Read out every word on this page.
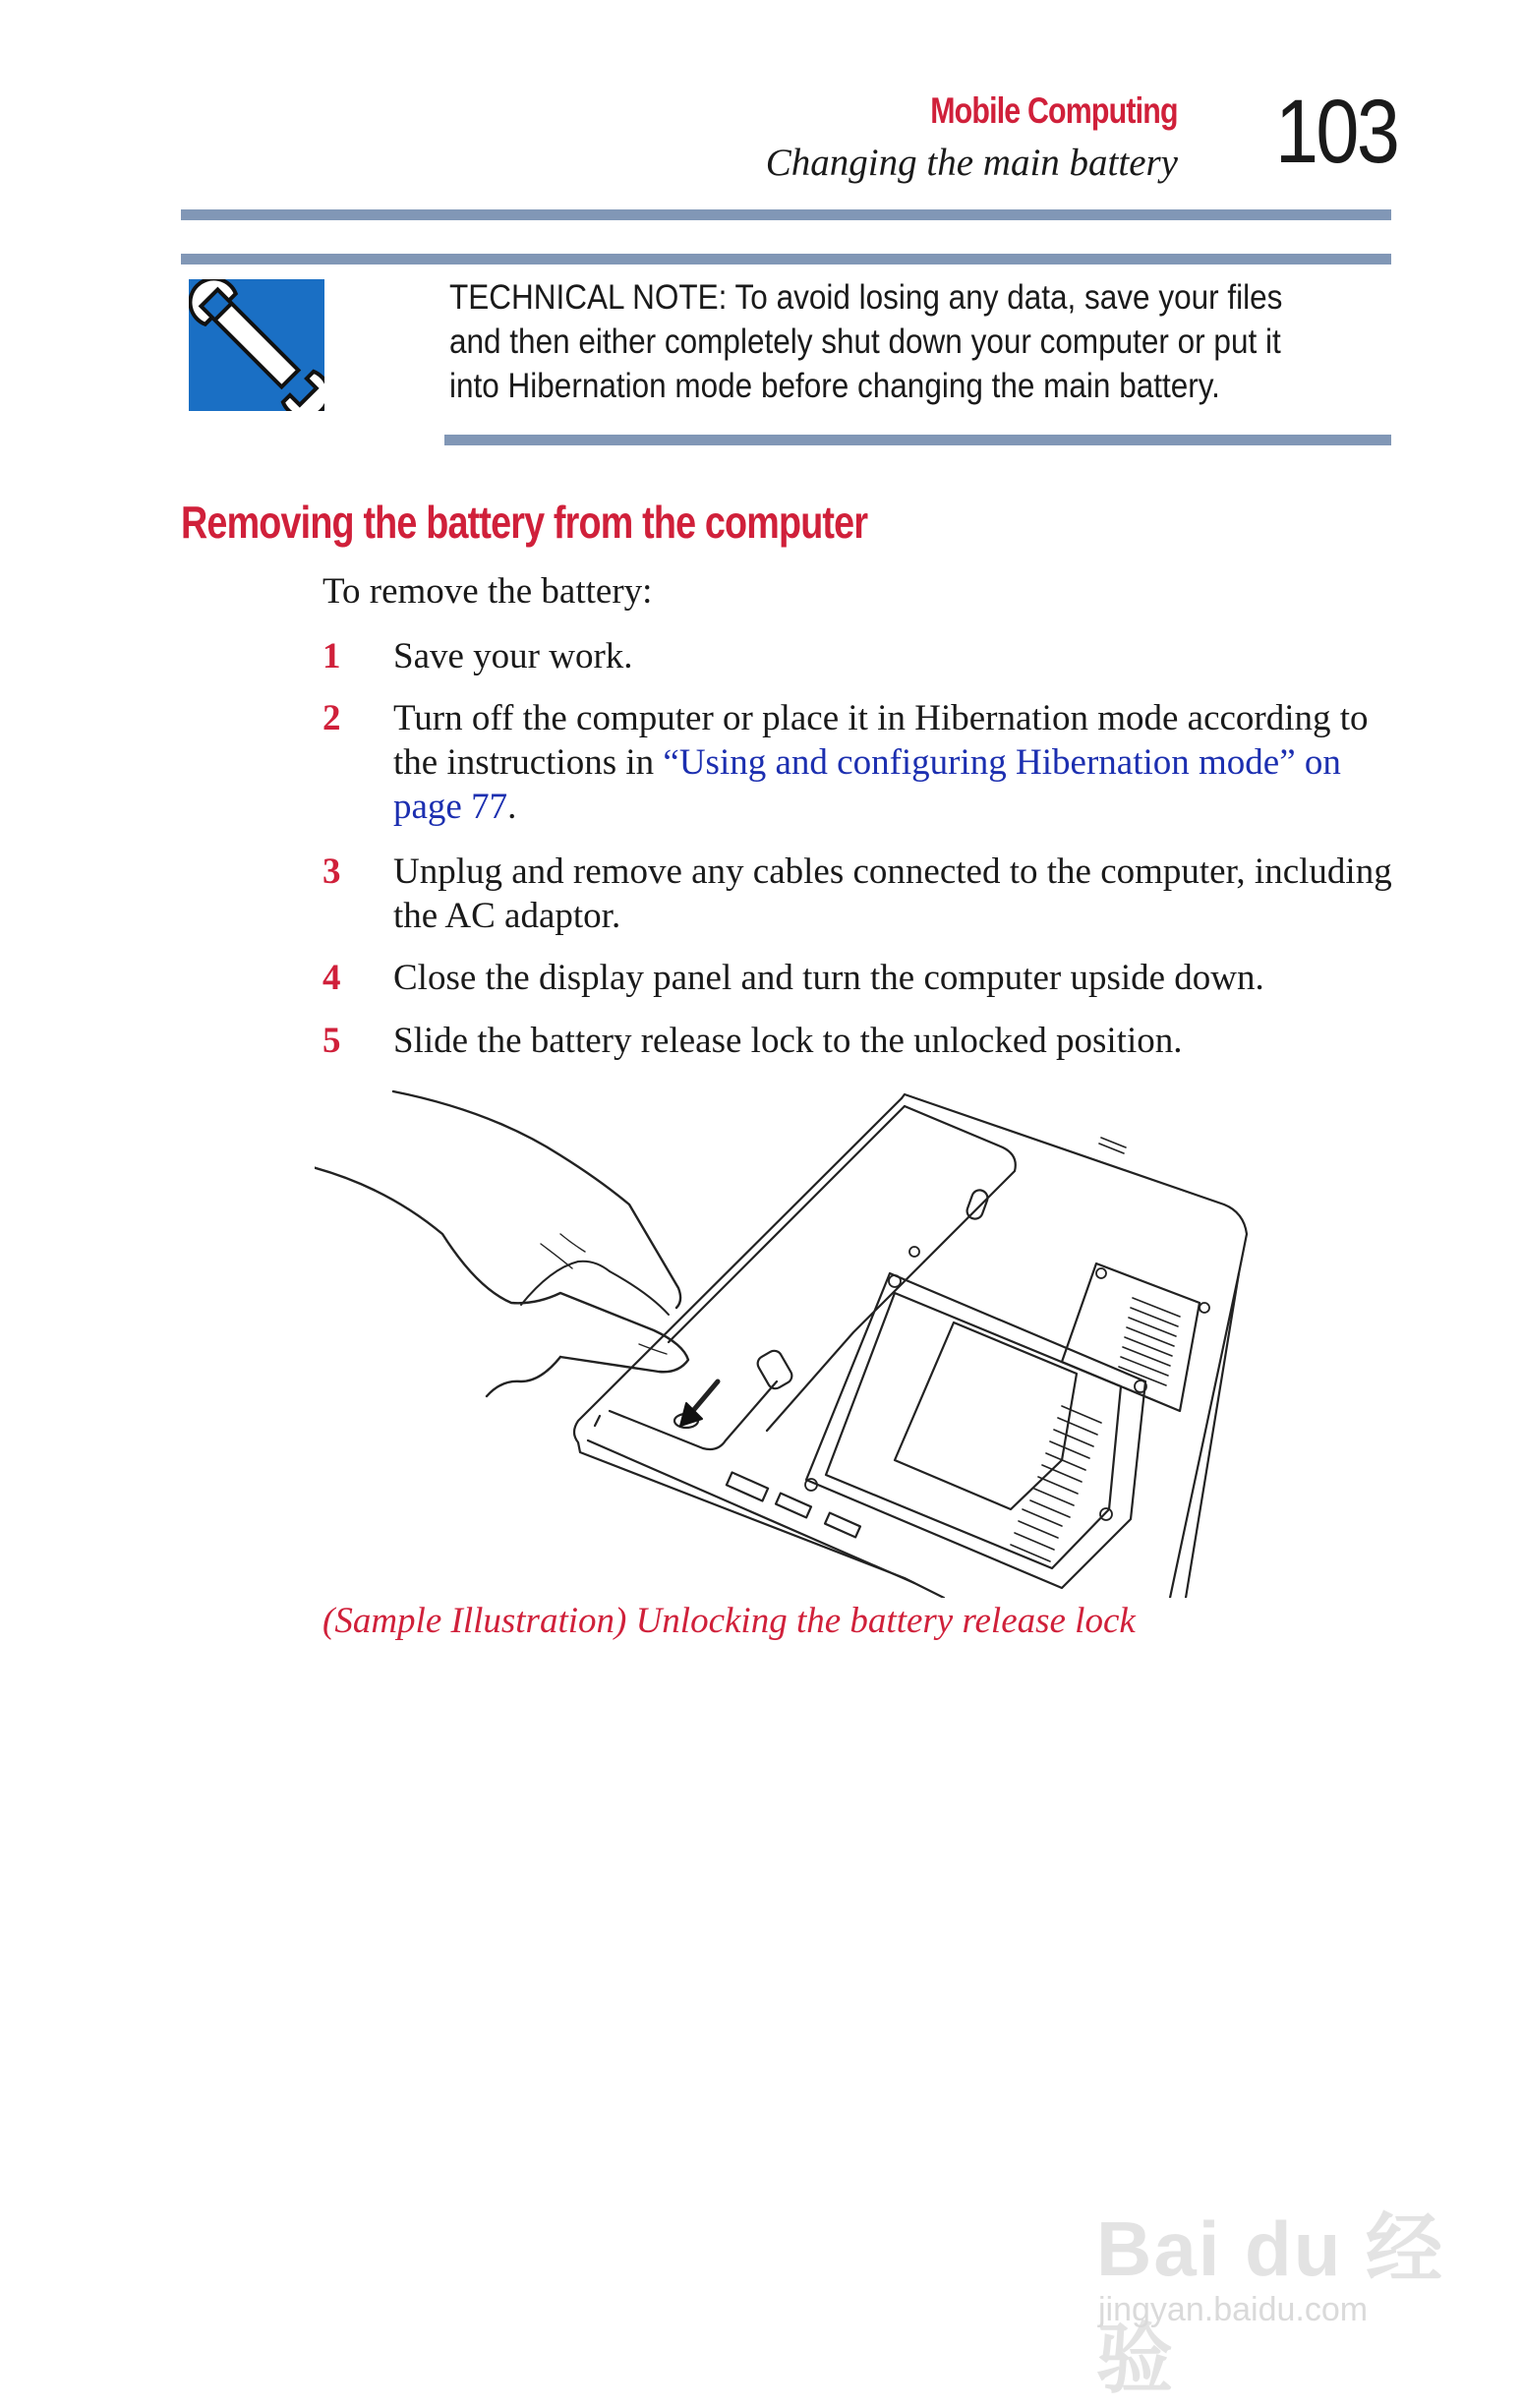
Mobile Computing
Changing the main battery 103
TECHNICAL NOTE: To avoid losing any data, save your files and then either completely shut down your computer or put it into Hibernation mode before changing the main battery.
Removing the battery from the computer
To remove the battery:
1 Save your work.
2 Turn off the computer or place it in Hibernation mode according to the instructions in “Using and configuring Hibernation mode” on page 77.
3 Unplug and remove any cables connected to the computer, including the AC adaptor.
4 Close the display panel and turn the computer upside down.
5 Slide the battery release lock to the unlocked position.
(Sample Illustration) Unlocking the battery release lock
Bai du 经验
jingyan.baidu.com
